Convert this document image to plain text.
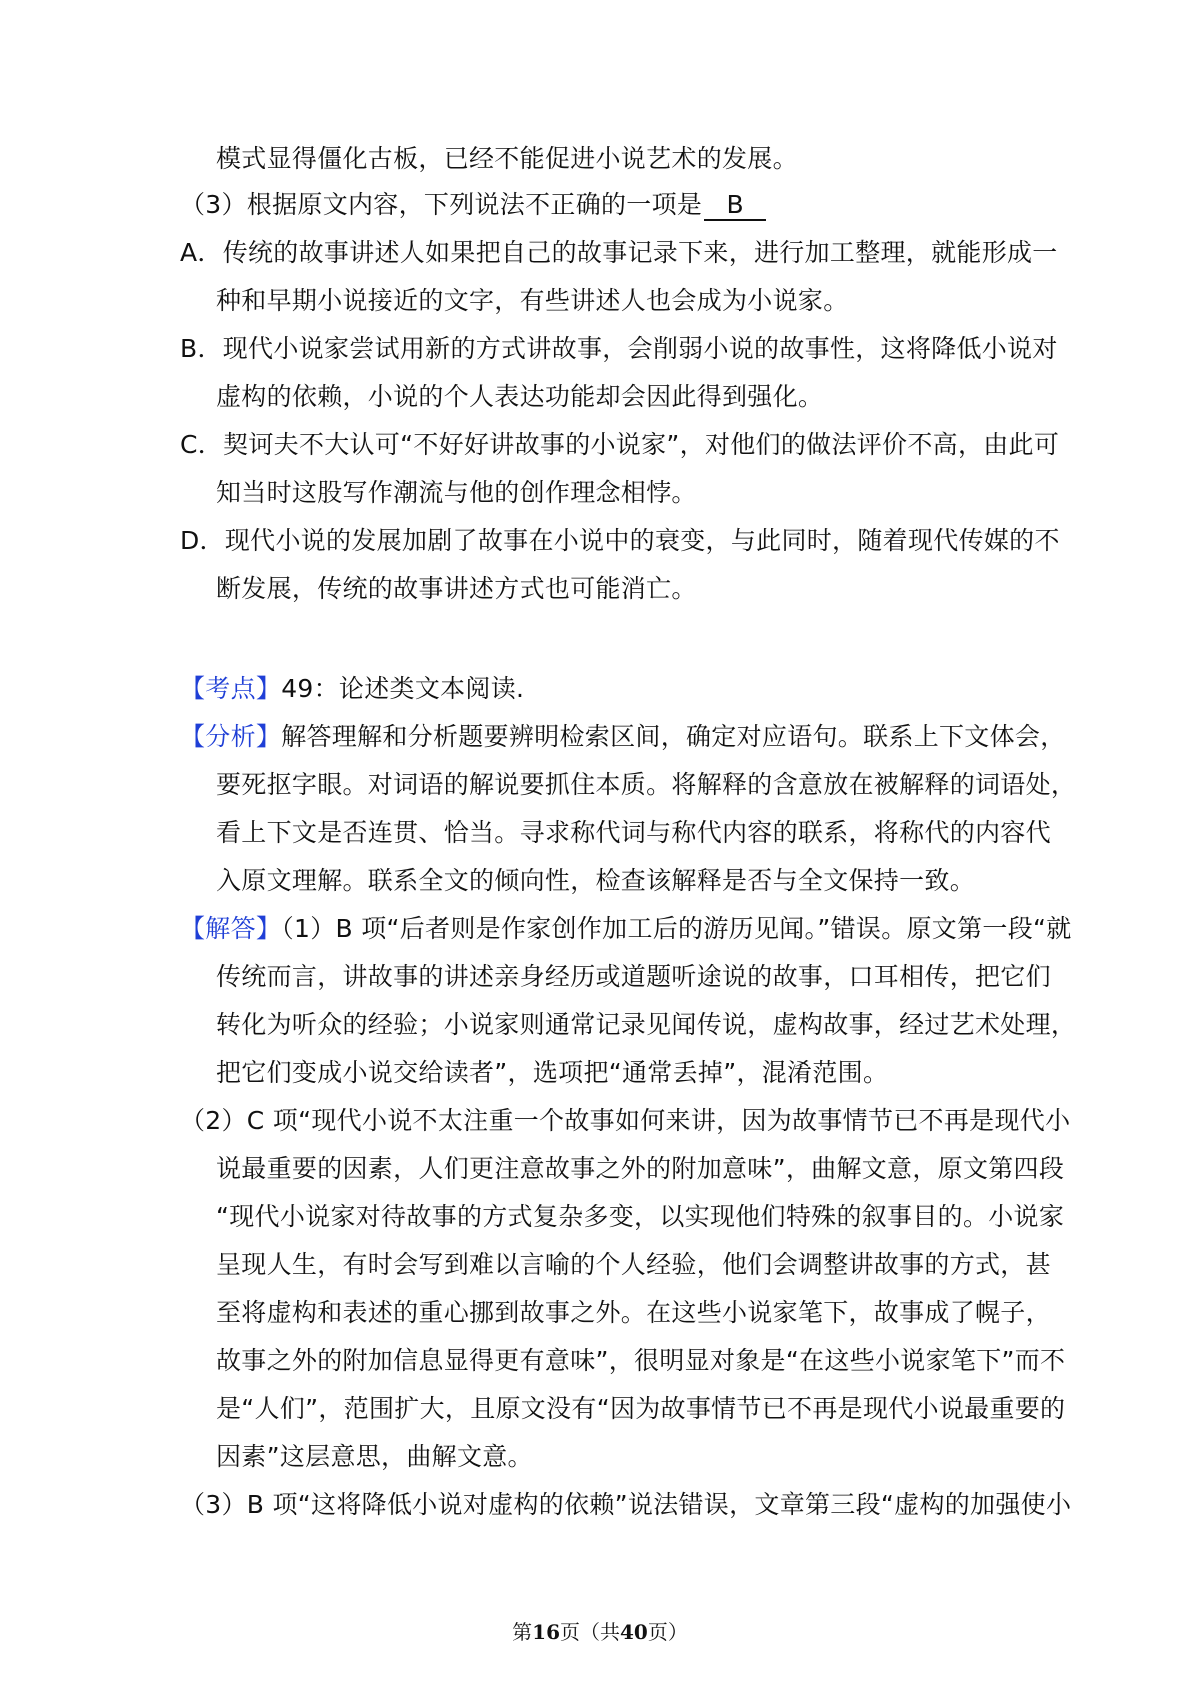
模式显得僵化古板，已经不能促进小说艺术的发展。
（3）根据原文内容，下列说法不正确的一项是 B
A．传统的故事讲述人如果把自己的故事记录下来，进行加工整理，就能形成一
种和早期小说接近的文字，有些讲述人也会成为小说家。
B．现代小说家尝试用新的方式讲故事，会削弱小说的故事性，这将降低小说对
虚构的依赖，小说的个人表达功能却会因此得到强化。
C．契诃夫不大认可“不好好讲故事的小说家”，对他们的做法评价不高，由此可
知当时这股写作潮流与他的创作理念相悖。
D．现代小说的发展加剧了故事在小说中的衰变，与此同时，随着现代传媒的不
断发展，传统的故事讲述方式也可能消亡。
【考点】49：论述类文本阅读.
【分析】解答理解和分析题要辨明检索区间，确定对应语句。联系上下文体会，
要死抠字眼。对词语的解说要抓住本质。将解释的含意放在被解释的词语处，
看上下文是否连贯、恰当。寻求称代词与称代内容的联系，将称代的内容代
入原文理解。联系全文的倾向性，检查该解释是否与全文保持一致。
【解答】（1）B 项“后者则是作家创作加工后的游历见闻。”错误。原文第一段“就
传统而言，讲故事的讲述亲身经历或道题听途说的故事，口耳相传，把它们
转化为听众的经验；小说家则通常记录见闻传说，虚构故事，经过艺术处理，
把它们变成小说交给读者”，选项把“通常丢掉”，混淆范围。
（2）C 项“现代小说不太注重一个故事如何来讲，因为故事情节已不再是现代小
说最重要的因素，人们更注意故事之外的附加意味”，曲解文意，原文第四段
“现代小说家对待故事的方式复杂多变，以实现他们特殊的叙事目的。小说家
呈现人生，有时会写到难以言喻的个人经验，他们会调整讲故事的方式，甚
至将虚构和表述的重心挪到故事之外。在这些小说家笔下，故事成了幌子，
故事之外的附加信息显得更有意味”，很明显对象是“在这些小说家笔下”而不
是“人们”，范围扩大，且原文没有“因为故事情节已不再是现代小说最重要的
因素”这层意思，曲解文意。
（3）B 项“这将降低小说对虚构的依赖”说法错误，文章第三段“虚构的加强使小
第16页（共40页）
